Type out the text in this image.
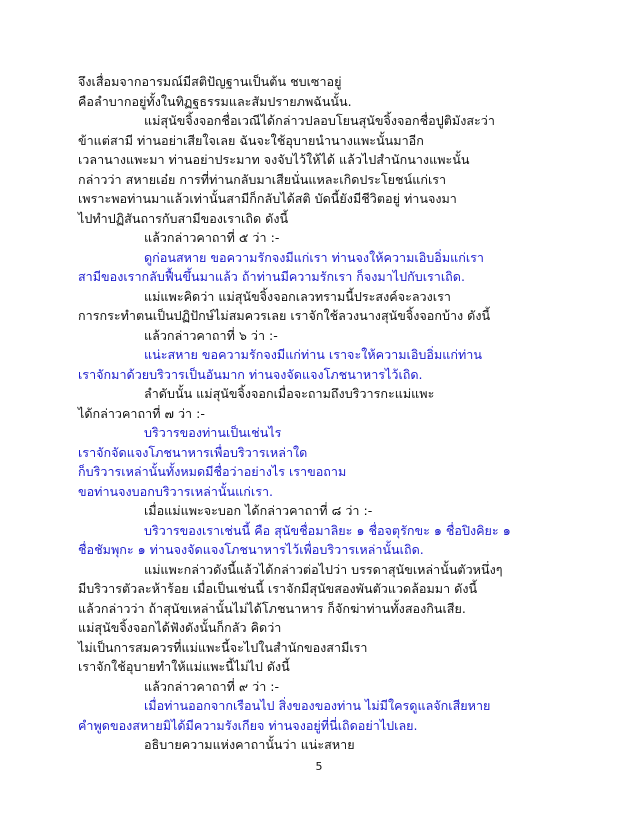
จึงเสื่อมจากอารมณ์มีสติปัญฐานเป็นต้น ชบเซาอยู่
คือลำบากอยู่ทั้งในทิฏฐธรรมและสัมปรายภพฉันนั้น.
แม่สุนัขจิ้งจอกชื่อเวณีได้กล่าวปลอบโยนสุนัขจิ้งจอกชื่อปูติมังสะว่า
ข้าแต่สามี ท่านอย่าเสียใจเลย ฉันจะใช้อุบายนำนางแพะนั้นมาอีก
เวลานางแพะมา ท่านอย่าประมาท จงจับไว้ให้ได้ แล้วไปสำนักนางแพะนั้น
กล่าวว่า สหายเอ๋ย การที่ท่านกลับมาเสียนั่นแหละเกิดประโยชน์แก่เรา
เพราะพอท่านมาแล้วเท่านั้นสามีก็กลับได้สติ บัดนี้ยังมีชีวิตอยู่ ท่านจงมา
ไปทำปฏิสันถารกับสามีของเราเถิด ดังนี้
แล้วกล่าวคาถาที่ ๕ ว่า :-
ดูก่อนสหาย ขอความรักจงมีแก่เรา ท่านจงให้ความเอิบอิ่มแก่เรา
สามีของเรากลับฟื้นขึ้นมาแล้ว ถ้าท่านมีความรักเรา ก็จงมาไปกับเราเถิด.
แม่แพะคิดว่า แม่สุนัขจิ้งจอกเลวทรามนี้ประสงค์จะลวงเรา
การกระทำตนเป็นปฏิปักษ์ไม่สมควรเลย เราจักใช้ลวงนางสุนัขจิ้งจอกบ้าง ดังนี้
แล้วกล่าวคาถาที่ ๖ ว่า :-
แน่ะสหาย ขอความรักจงมีแก่ท่าน เราจะให้ความเอิบอิ่มแก่ท่าน
เราจักมาด้วยบริวารเป็นอันมาก ท่านจงจัดแจงโภชนาหารไว้เถิด.
ลำดับนั้น แม่สุนัขจิ้งจอกเมื่อจะถามถึงบริวารกะแม่แพะ
ได้กล่าวคาถาที่ ๗ ว่า :-
บริวารของท่านเป็นเช่นไร
เราจักจัดแจงโภชนาหารเพื่อบริวารเหล่าใด
ก็บริวารเหล่านั้นทั้งหมดมีชื่อว่าอย่างไร เราขอถาม
ขอท่านจงบอกบริวารเหล่านั้นแก่เรา.
เมื่อแม่แพะจะบอก ได้กล่าวคาถาที่ ๘ ว่า :-
บริวารของเราเช่นนี้ คือ สุนัขชื่อมาลิยะ ๑ ชื่อจตุรักขะ ๑ ชื่อปิงคิยะ ๑
ชื่อชัมพุกะ ๑ ท่านจงจัดแจงโภชนาหารไว้เพื่อบริวารเหล่านั้นเถิด.
แม่แพะกล่าวดังนี้แล้วได้กล่าวต่อไปว่า บรรดาสุนัขเหล่านั้นตัวหนึ่งๆ
มีบริวารตัวละห้าร้อย เมื่อเป็นเช่นนี้ เราจักมีสุนัขสองพันตัวแวดล้อมมา ดังนี้
แล้วกล่าวว่า ถ้าสุนัขเหล่านั้นไม่ได้โภชนาหาร ก็จักฆ่าท่านทั้งสองกินเสีย.
แม่สุนัขจิ้งจอกได้ฟังดังนั้นก็กลัว คิดว่า
ไม่เป็นการสมควรที่แม่แพะนี้จะไปในสำนักของสามีเรา
เราจักใช้อุบายทำให้แม่แพะนี้ไม่ไป ดังนี้
แล้วกล่าวคาถาที่ ๙ ว่า :-
เมื่อท่านออกจากเรือนไป สิ่งของของท่าน ไม่มีใครดูแลจักเสียหาย
คำพูดของสหายมิได้มีความรังเกียจ ท่านจงอยู่ที่นี่เถิดอย่าไปเลย.
อธิบายความแห่งคาถานั้นว่า แน่ะสหาย
5
